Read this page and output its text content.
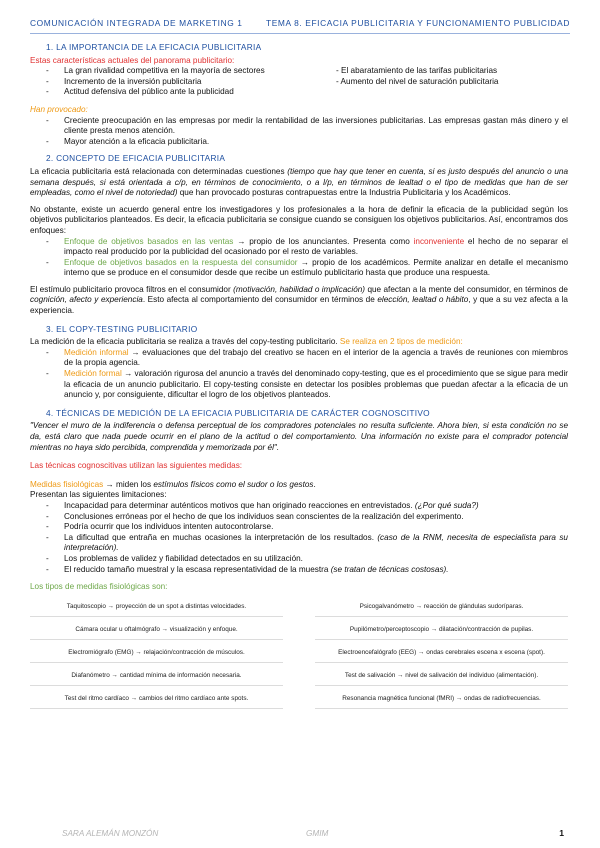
COMUNICACIÓN INTEGRADA DE MARKETING 1	TEMA 8. EFICACIA PUBLICITARIA Y FUNCIONAMIENTO PUBLICIDAD
1. LA IMPORTANCIA DE LA EFICACIA PUBLICITARIA

Estas características actuales del panorama publicitario:

- La gran rivalidad competitiva en la mayoría de sectores
- Incremento de la inversión publicitaria
- Actitud defensiva del público ante la publicidad
- El abaratamiento de las tarifas publicitarias
- Aumento del nivel de saturación publicitaria

Han provocado:

- Creciente preocupación en las empresas por medir la rentabilidad de las inversiones publicitarias. Las empresas gastan más dinero y el cliente presta menos atención.
- Mayor atención a la eficacia publicitaria.
2. CONCEPTO DE EFICACIA PUBLICITARIA

La eficacia publicitaria está relacionada con determinadas cuestiones (tiempo que hay que tener en cuenta, si es justo después del anuncio o una semana después, si está orientada a c/p, en términos de conocimiento, o a l/p, en términos de lealtad o el tipo de medidas que han de ser empleadas, como el nivel de notoriedad) que han provocado posturas contrapuestas entre la Industria Publicitaria y los Académicos.

No obstante, existe un acuerdo general entre los investigadores y los profesionales a la hora de definir la eficacia de la publicidad según los objetivos publicitarios planteados. Es decir, la eficacia publicitaria se consigue cuando se consiguen los objetivos publicitarios. Así, encontramos dos enfoques:

- Enfoque de objetivos basados en las ventas → propio de los anunciantes. Presenta como inconveniente el hecho de no separar el impacto real producido por la publicidad del ocasionado por el resto de variables.
- Enfoque de objetivos basados en la respuesta del consumidor → propio de los académicos. Permite analizar en detalle el mecanismo interno que se produce en el consumidor desde que recibe un estímulo publicitario hasta que produce una respuesta.

El estímulo publicitario provoca filtros en el consumidor (motivación, habilidad o implicación) que afectan a la mente del consumidor, en términos de cognición, afecto y experiencia. Esto afecta al comportamiento del consumidor en términos de elección, lealtad o hábito, y que a su vez afecta a la experiencia.

3. EL COPY-TESTING PUBLICITARIO

La medición de la eficacia publicitaria se realiza a través del copy-testing publicitario. Se realiza en 2 tipos de medición:

- Medición informal → evaluaciones que del trabajo del creativo se hacen en el interior de la agencia a través de reuniones con miembros de la propia agencia.
- Medición formal → valoración rigurosa del anuncio a través del denominado copy-testing, que es el procedimiento que se sigue para medir la eficacia de un anuncio publicitario. El copy-testing consiste en detectar los posibles problemas que puedan afectar a la eficacia de un anuncio y, por consiguiente, dificultar el logro de los objetivos planteados.
4. TÉCNICAS DE MEDICIÓN DE LA EFICACIA PUBLICITARIA DE CARÁCTER COGNOSCITIVO

"Vencer el muro de la indiferencia o defensa perceptual de los compradores potenciales no resulta suficiente. Ahora bien, si esta condición no se da, está claro que nada puede ocurrir en el plano de la actitud o del comportamiento. Una información no existe para el comprador potencial mientras no haya sido percibida, comprendida y memorizada por él".

Las técnicas cognoscitivas utilizan las siguientes medidas:

Medidas fisiológicas → miden los estímulos físicos como el sudor o los gestos.

Presentan las siguientes limitaciones:

- Incapacidad para determinar auténticos motivos que han originado reacciones en entrevistados. (¿Por qué suda?)
- Conclusiones erróneas por el hecho de que los individuos sean conscientes de la realización del experimento.
- Podría ocurrir que los individuos intenten autocontrolarse.
- La dificultad que entraña en muchas ocasiones la interpretación de los resultados. (caso de la RNM, necesita de especialista para su interpretación).
- Los problemas de validez y fiabilidad detectados en su utilización.
- El reducido tamaño muestral y la escasa representatividad de la muestra (se tratan de técnicas costosas).

Los tipos de medidas fisiológicas son:

Taquitoscopio → proyección de un spot a distintas velocidades.	Psicogalvanómetro → reacción de glándulas sudoríparas.
Cámara ocular u oftalmógrafo → visualización y enfoque.	Pupilómetro/perceptoscopio → dilatación/contracción de pupilas.
Electromiógrafo (EMG) → relajación/contracción de músculos.	Electroencefalógrafo (EEG) → ondas cerebrales escena x escena (spot).
Diafanómetro → cantidad mínima de información necesaria.	Test de salivación → nivel de salivación del individuo (alimentación).
Test del ritmo cardíaco → cambios del ritmo cardíaco ante spots.	Resonancia magnética funcional (fMRI) → ondas de radiofrecuencias.
SARA ALEMÁN MONZÓN	GMIM	1
